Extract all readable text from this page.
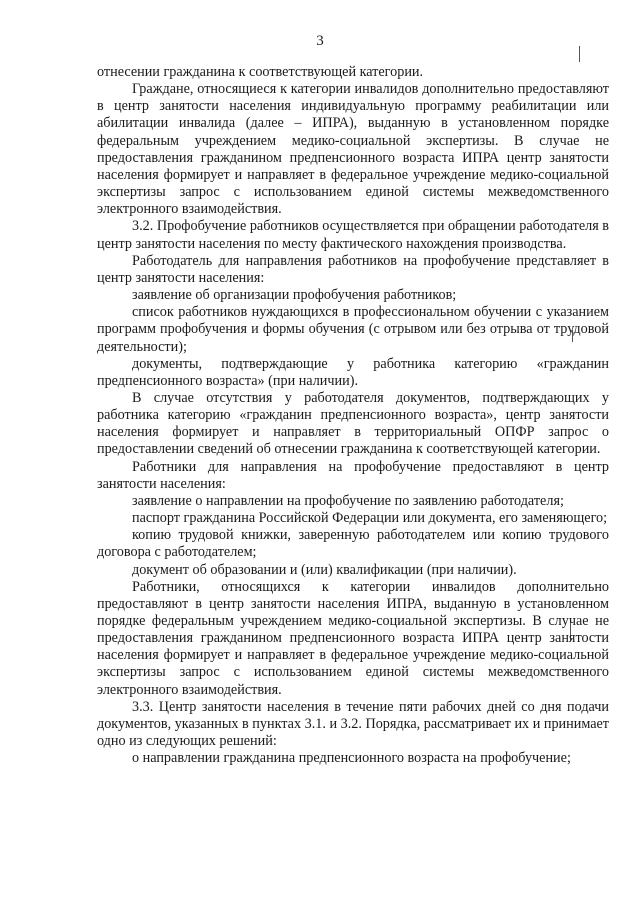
3

отнесении гражданина к соответствующей категории.

Граждане, относящиеся к категории инвалидов дополнительно предоставляют в центр занятости населения индивидуальную программу реабилитации или абилитации инвалида (далее – ИПРА), выданную в установленном порядке федеральным учреждением медико-социальной экспертизы. В случае не предоставления гражданином предпенсионного возраста ИПРА центр занятости населения формирует и направляет в федеральное учреждение медико-социальной экспертизы запрос с использованием единой системы межведомственного электронного взаимодействия.

3.2. Профобучение работников осуществляется при обращении работодателя в центр занятости населения по месту фактического нахождения производства.

Работодатель для направления работников на профобучение представляет в центр занятости населения:

заявление об организации профобучения работников;

список работников нуждающихся в профессиональном обучении с указанием программ профобучения и формы обучения (с отрывом или без отрыва от трудовой деятельности);

документы, подтверждающие у работника категорию «гражданин предпенсионного возраста» (при наличии).

В случае отсутствия у работодателя документов, подтверждающих у работника категорию «гражданин предпенсионного возраста», центр занятости населения формирует и направляет в территориальный ОПФР запрос о предоставлении сведений об отнесении гражданина к соответствующей категории.

Работники для направления на профобучение предоставляют в центр занятости населения:

заявление о направлении на профобучение по заявлению работодателя;

паспорт гражданина Российской Федерации или документа, его заменяющего;

копию трудовой книжки, заверенную работодателем или копию трудового договора с работодателем;

документ об образовании и (или) квалификации (при наличии).

Работники, относящихся к категории инвалидов дополнительно предоставляют в центр занятости населения ИПРА, выданную в установленном порядке федеральным учреждением медико-социальной экспертизы. В случае не предоставления гражданином предпенсионного возраста ИПРА центр занятости населения формирует и направляет в федеральное учреждение медико-социальной экспертизы запрос с использованием единой системы межведомственного электронного взаимодействия.

3.3. Центр занятости населения в течение пяти рабочих дней со дня подачи документов, указанных в пунктах 3.1. и 3.2. Порядка, рассматривает их и принимает одно из следующих решений:

о направлении гражданина предпенсионного возраста на профобучение;
